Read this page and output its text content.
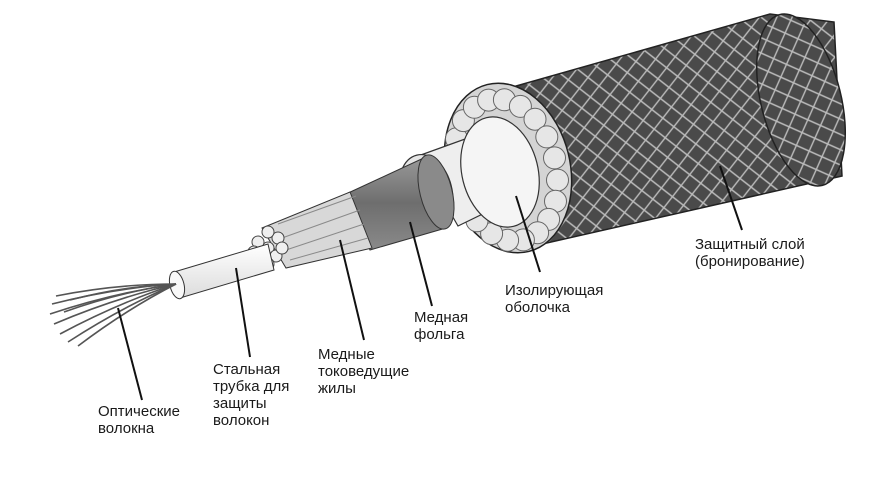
Оптические
волокна
Стальная
трубка для
защиты
волокон
Медные
токоведущие
жилы
Медная
фольга
Изолирующая
оболочка
Защитный слой
(бронирование)
